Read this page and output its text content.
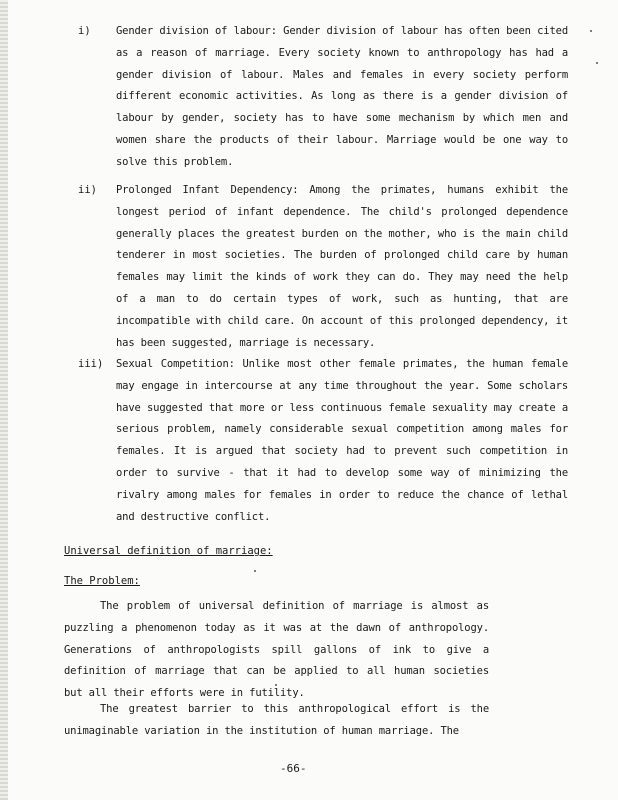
i) Gender division of labour: Gender division of labour has often been cited as a reason of marriage. Every society known to anthropology has had a gender division of labour. Males and females in every society perform different economic activities. As long as there is a gender division of labour by gender, society has to have some mechanism by which men and women share the products of their labour. Marriage would be one way to solve this problem.
ii) Prolonged Infant Dependency: Among the primates, humans exhibit the longest period of infant dependence. The child's prolonged dependence generally places the greatest burden on the mother, who is the main child tenderer in most societies. The burden of prolonged child care by human females may limit the kinds of work they can do. They may need the help of a man to do certain types of work, such as hunting, that are incompatible with child care. On account of this prolonged dependency, it has been suggested, marriage is necessary.
iii) Sexual Competition: Unlike most other female primates, the human female may engage in intercourse at any time throughout the year. Some scholars have suggested that more or less continuous female sexuality may create a serious problem, namely considerable sexual competition among males for females. It is argued that society had to prevent such competition in order to survive - that it had to develop some way of minimizing the rivalry among males for females in order to reduce the chance of lethal and destructive conflict.
Universal definition of marriage:
The Problem:
The problem of universal definition of marriage is almost as puzzling a phenomenon today as it was at the dawn of anthropology. Generations of anthropologists spill gallons of ink to give a definition of marriage that can be applied to all human societies but all their efforts were in futility.
The greatest barrier to this anthropological effort is the unimaginable variation in the institution of human marriage. The
-66-
